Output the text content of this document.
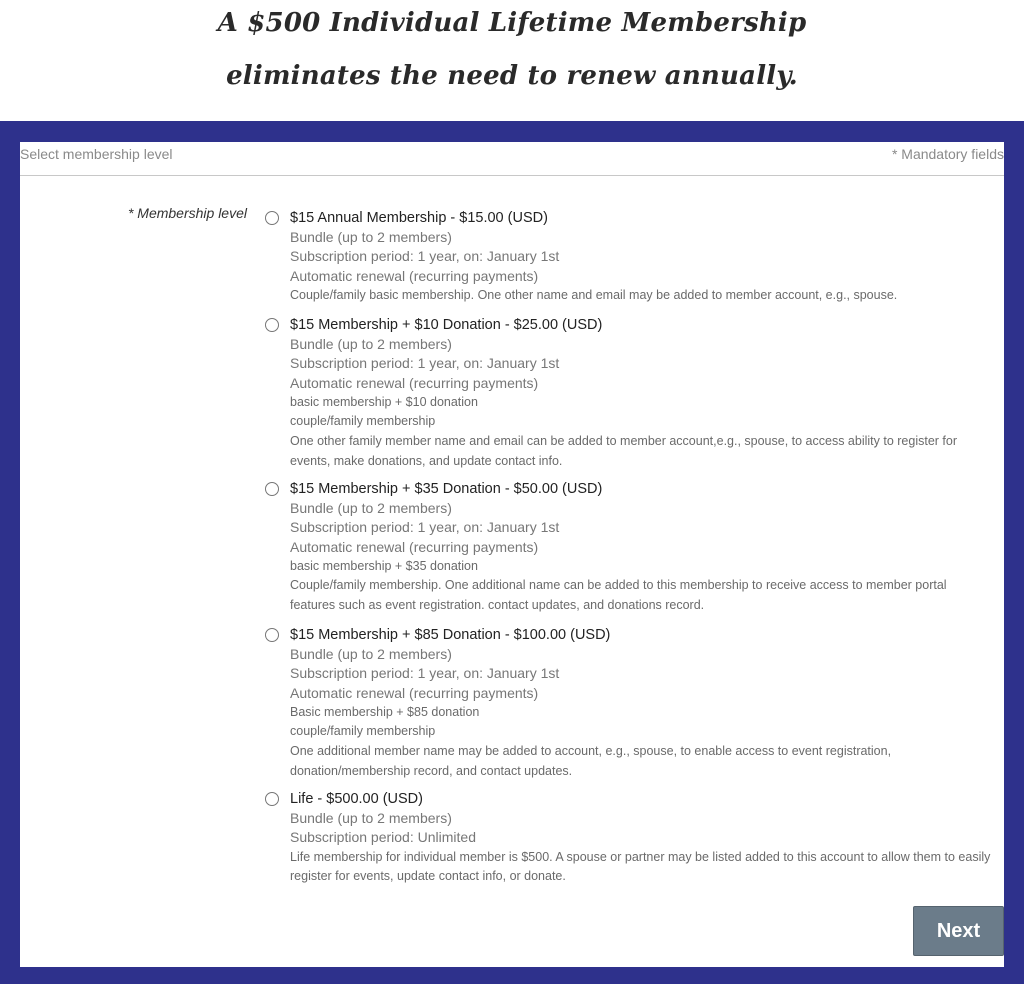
A $500 Individual Lifetime Membership
eliminates the need to renew annually.
Select membership level	* Mandatory fields
* Membership level	$15 Annual Membership - $15.00 (USD)
Bundle (up to 2 members)
Subscription period: 1 year, on: January 1st
Automatic renewal (recurring payments)
Couple/family basic membership. One other name and email may be added to member account, e.g., spouse.
$15 Membership + $10 Donation - $25.00 (USD)
Bundle (up to 2 members)
Subscription period: 1 year, on: January 1st
Automatic renewal (recurring payments)
basic membership + $10 donation
couple/family membership
One other family member name and email can be added to member account,e.g., spouse, to access ability to register for events, make donations, and update contact info.
$15 Membership + $35 Donation - $50.00 (USD)
Bundle (up to 2 members)
Subscription period: 1 year, on: January 1st
Automatic renewal (recurring payments)
basic membership + $35 donation
Couple/family membership. One additional name can be added to this membership to receive access to member portal features such as event registration. contact updates, and donations record.
$15 Membership + $85 Donation - $100.00 (USD)
Bundle (up to 2 members)
Subscription period: 1 year, on: January 1st
Automatic renewal (recurring payments)
Basic membership + $85 donation
couple/family membership
One additional member name may be added to account, e.g., spouse, to enable access to event registration, donation/membership record, and contact updates.
Life - $500.00 (USD)
Bundle (up to 2 members)
Subscription period: Unlimited
Life membership for individual member is $500. A spouse or partner may be listed added to this account to allow them to easily register for events, update contact info, or donate.
Next
